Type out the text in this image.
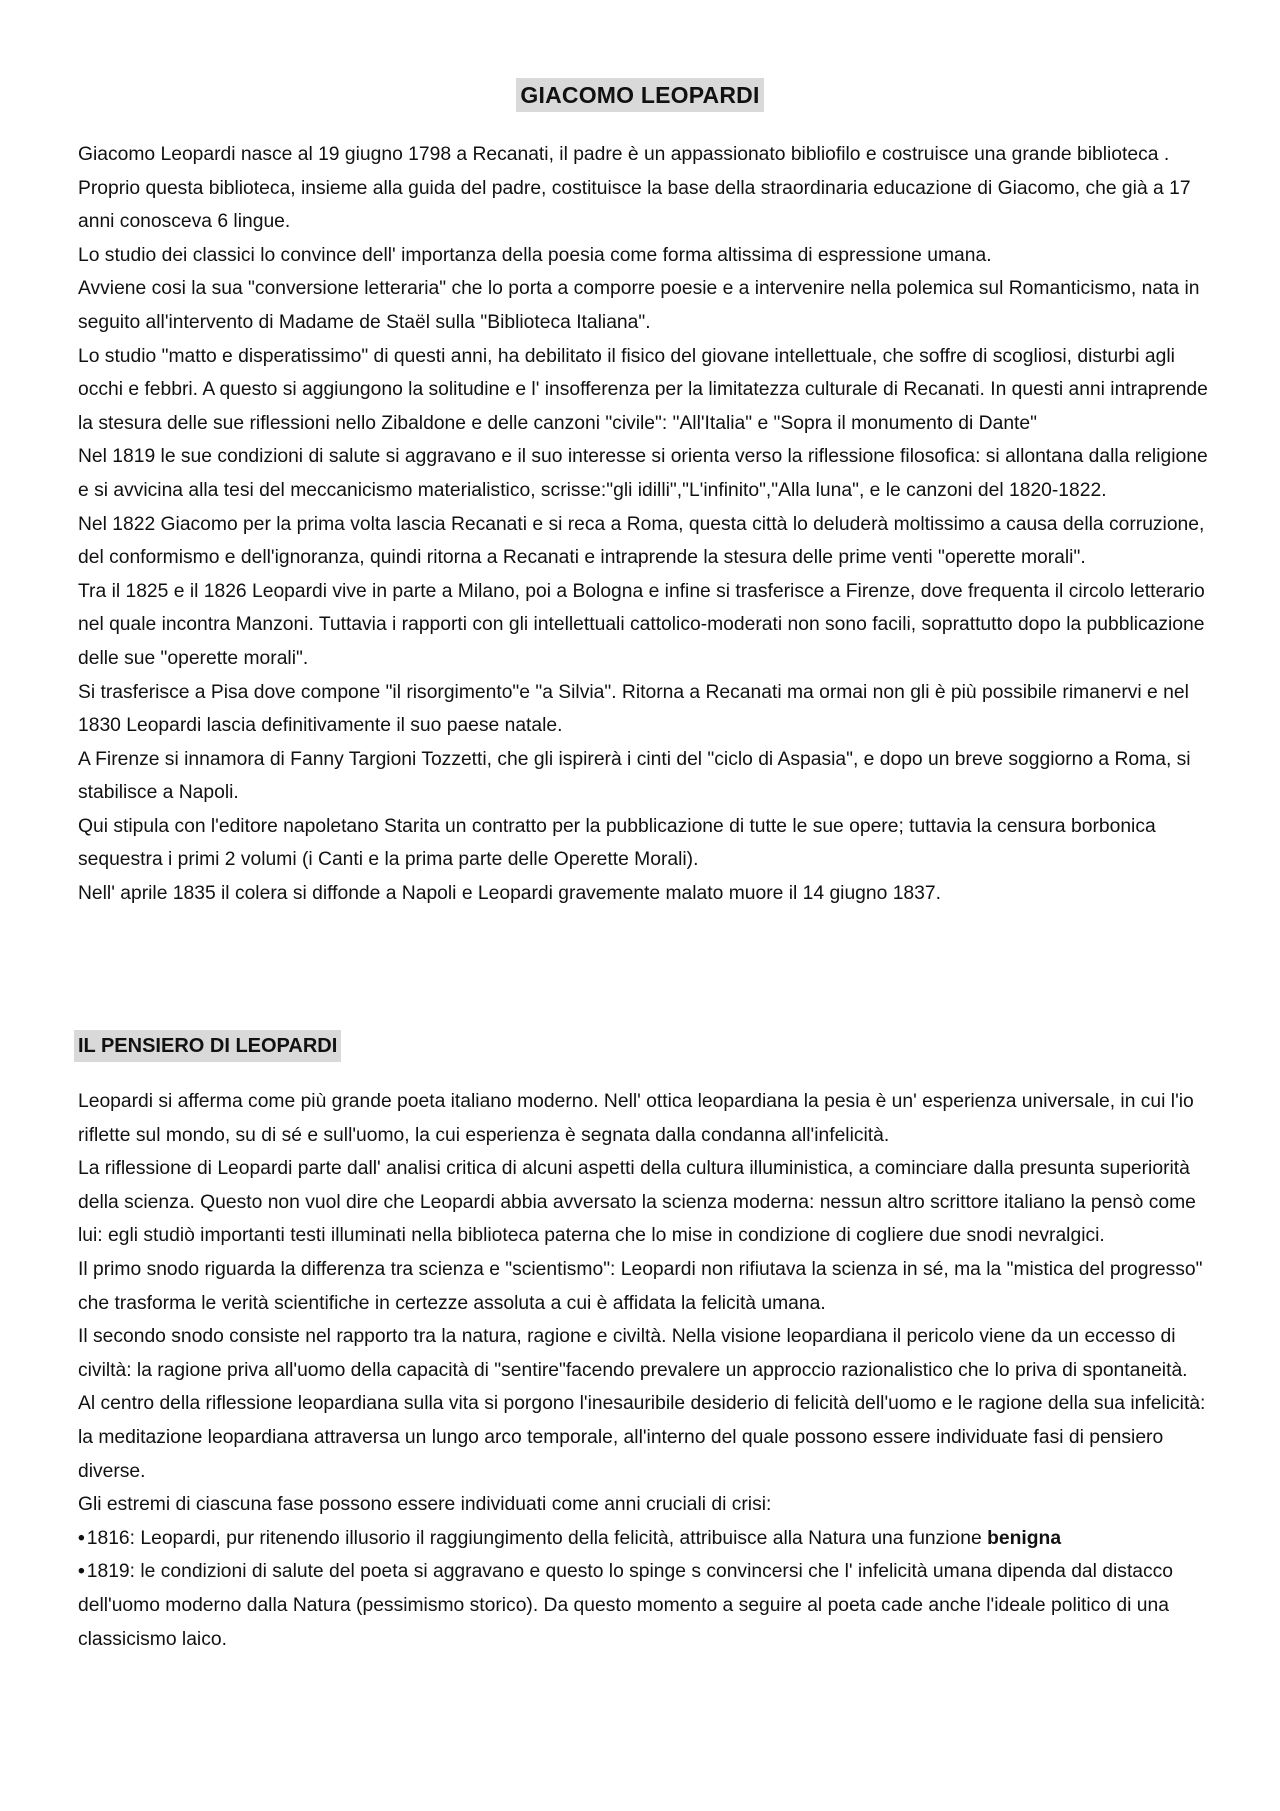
GIACOMO LEOPARDI

Giacomo Leopardi nasce al 19 giugno 1798 a Recanati, il padre è un appassionato bibliofilo e costruisce una grande biblioteca . Proprio questa biblioteca, insieme alla guida del padre, costituisce la base della straordinaria educazione di Giacomo, che già a 17 anni conosceva 6 lingue.

Lo studio dei classici lo convince dell' importanza della poesia come forma altissima di espressione umana.

Avviene cosi la sua "conversione letteraria" che lo porta a comporre poesie e a intervenire nella polemica sul Romanticismo, nata in seguito all'intervento di Madame de Staël sulla "Biblioteca Italiana".

Lo studio "matto e disperatissimo" di questi anni, ha debilitato il fisico del giovane intellettuale, che soffre di scogliosi, disturbi agli occhi e febbri. A questo si aggiungono la solitudine e l' insofferenza per la limitatezza culturale di Recanati. In questi anni intraprende la stesura delle sue riflessioni nello Zibaldone e delle canzoni "civile": "All'Italia" e "Sopra il monumento di Dante"

Nel 1819 le sue condizioni di salute si aggravano e il suo interesse si orienta verso la riflessione filosofica: si allontana dalla religione e si avvicina alla tesi del meccanicismo materialistico, scrisse:"gli idilli","L'infinito","Alla luna", e le canzoni del 1820-1822.

Nel 1822 Giacomo per la prima volta lascia Recanati e si reca a Roma, questa città lo deluderà moltissimo a causa della corruzione, del conformismo e dell'ignoranza, quindi ritorna a Recanati e intraprende la stesura delle prime venti "operette morali".

Tra il 1825 e il 1826 Leopardi vive in parte a Milano, poi a Bologna e infine si trasferisce a Firenze, dove frequenta il circolo letterario nel quale incontra Manzoni. Tuttavia i rapporti con gli intellettuali cattolico-moderati non sono facili, soprattutto dopo la pubblicazione delle sue "operette morali".

Si trasferisce a Pisa dove compone "il risorgimento"e "a Silvia". Ritorna a Recanati ma ormai non gli è più possibile rimanervi e nel 1830 Leopardi lascia definitivamente il suo paese natale.

A Firenze si innamora di Fanny Targioni Tozzetti, che gli ispirerà i cinti del "ciclo di Aspasia", e dopo un breve soggiorno a Roma, si stabilisce a Napoli.

Qui stipula con l'editore napoletano Starita un contratto per la pubblicazione di tutte le sue opere; tuttavia la censura borbonica sequestra i primi 2 volumi (i Canti e la prima parte delle Operette Morali).

Nell' aprile 1835 il colera si diffonde a Napoli e Leopardi gravemente malato muore il 14 giugno 1837.

IL PENSIERO DI LEOPARDI

Leopardi si afferma come più grande poeta italiano moderno. Nell' ottica leopardiana la pesia è un' esperienza universale, in cui l'io riflette sul mondo, su di sé e sull'uomo, la cui esperienza è segnata dalla condanna all'infelicità.

La riflessione di Leopardi parte dall' analisi critica di alcuni aspetti della cultura illuministica, a cominciare dalla presunta superiorità della scienza. Questo non vuol dire che Leopardi abbia avversato la scienza moderna: nessun altro scrittore italiano la pensò come lui: egli studiò importanti testi illuminati nella biblioteca paterna che lo mise in condizione di cogliere due snodi nevralgici.

Il primo snodo riguarda la differenza tra scienza e "scientismo": Leopardi non rifiutava la scienza in sé, ma la "mistica del progresso" che trasforma le verità scientifiche in certezze assoluta a cui è affidata la felicità umana.

Il secondo snodo consiste nel rapporto tra la natura, ragione e civiltà. Nella visione leopardiana il pericolo viene da un eccesso di civiltà: la ragione priva all'uomo della capacità di "sentire"facendo prevalere un approccio razionalistico che lo priva di spontaneità.

Al centro della riflessione leopardiana sulla vita si porgono l'inesauribile desiderio di felicità dell'uomo e le ragione della sua infelicità: la meditazione leopardiana attraversa un lungo arco temporale, all'interno del quale possono essere individuate fasi di pensiero diverse.

Gli estremi di ciascuna fase possono essere individuati come anni cruciali di crisi:

• 1816: Leopardi, pur ritenendo illusorio il raggiungimento della felicità, attribuisce alla Natura una funzione benigna

• 1819: le condizioni di salute del poeta si aggravano e questo lo spinge s convincersi che l' infelicità umana dipenda dal distacco dell'uomo moderno dalla Natura (pessimismo storico). Da questo momento a seguire al poeta cade anche l'ideale politico di una classicismo laico.
